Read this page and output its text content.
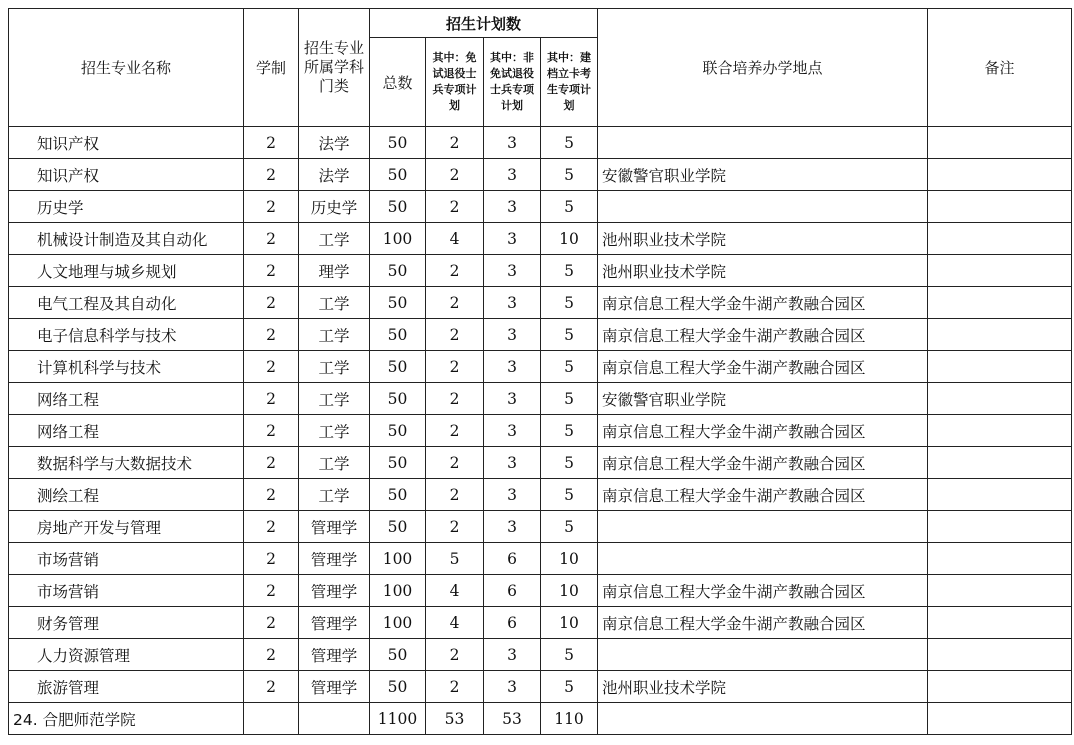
招生专业名称	学制	招生专业所属学科门类	招生计划数				联合培养办学地点	备注
			总数	其中：免试退役士兵专项计划	其中：非免试退役士兵专项计划	其中：建档立卡考生专项计划		
知识产权	2	法学	50	2	3	5		
知识产权	2	法学	50	2	3	5	安徽警官职业学院	
历史学	2	历史学	50	2	3	5		
机械设计制造及其自动化	2	工学	100	4	3	10	池州职业技术学院	
人文地理与城乡规划	2	理学	50	2	3	5	池州职业技术学院	
电气工程及其自动化	2	工学	50	2	3	5	南京信息工程大学金牛湖产教融合园区	
电子信息科学与技术	2	工学	50	2	3	5	南京信息工程大学金牛湖产教融合园区	
计算机科学与技术	2	工学	50	2	3	5	南京信息工程大学金牛湖产教融合园区	
网络工程	2	工学	50	2	3	5	安徽警官职业学院	
网络工程	2	工学	50	2	3	5	南京信息工程大学金牛湖产教融合园区	
数据科学与大数据技术	2	工学	50	2	3	5	南京信息工程大学金牛湖产教融合园区	
测绘工程	2	工学	50	2	3	5	南京信息工程大学金牛湖产教融合园区	
房地产开发与管理	2	管理学	50	2	3	5		
市场营销	2	管理学	100	5	6	10		
市场营销	2	管理学	100	4	6	10	南京信息工程大学金牛湖产教融合园区	
财务管理	2	管理学	100	4	6	10	南京信息工程大学金牛湖产教融合园区	
人力资源管理	2	管理学	50	2	3	5		
旅游管理	2	管理学	50	2	3	5	池州职业技术学院	
24. 合肥师范学院			1100	53	53	110		
